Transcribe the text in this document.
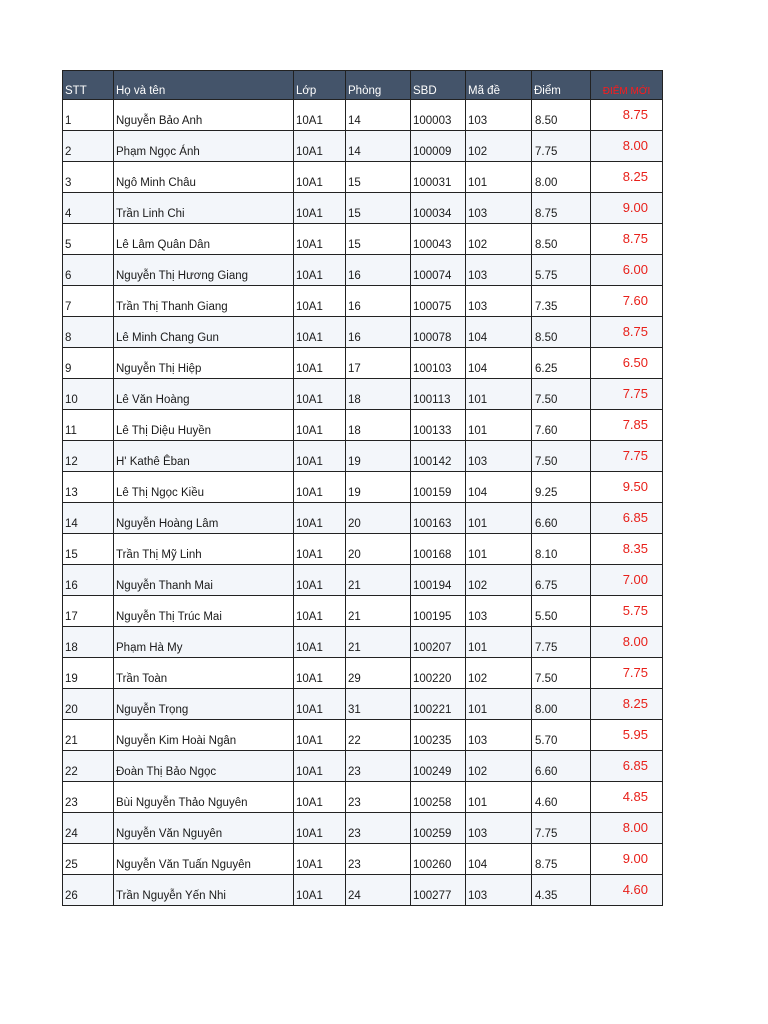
STT	Họ và tên	Lớp	Phòng	SBD	Mã đề	Điểm	ĐIỂM MỚI
1	Nguyễn Bảo Anh	10A1	14	100003	103	8.50	8.75
2	Phạm Ngọc Ánh	10A1	14	100009	102	7.75	8.00
3	Ngô Minh Châu	10A1	15	100031	101	8.00	8.25
4	Trần Linh Chi	10A1	15	100034	103	8.75	9.00
5	Lê Lâm Quân Dân	10A1	15	100043	102	8.50	8.75
6	Nguyễn Thị Hương Giang	10A1	16	100074	103	5.75	6.00
7	Trần Thị Thanh Giang	10A1	16	100075	103	7.35	7.60
8	Lê Minh Chang Gun	10A1	16	100078	104	8.50	8.75
9	Nguyễn Thị Hiệp	10A1	17	100103	104	6.25	6.50
10	Lê Văn Hoàng	10A1	18	100113	101	7.50	7.75
11	Lê Thị Diệu Huyền	10A1	18	100133	101	7.60	7.85
12	H' Kathê Êban	10A1	19	100142	103	7.50	7.75
13	Lê Thị Ngọc Kiều	10A1	19	100159	104	9.25	9.50
14	Nguyễn Hoàng Lâm	10A1	20	100163	101	6.60	6.85
15	Trần Thị Mỹ Linh	10A1	20	100168	101	8.10	8.35
16	Nguyễn Thanh Mai	10A1	21	100194	102	6.75	7.00
17	Nguyễn Thị Trúc Mai	10A1	21	100195	103	5.50	5.75
18	Phạm Hà My	10A1	21	100207	101	7.75	8.00
19	Trần Toàn	10A1	29	100220	102	7.50	7.75
20	Nguyễn Trọng	10A1	31	100221	101	8.00	8.25
21	Nguyễn Kim Hoài Ngân	10A1	22	100235	103	5.70	5.95
22	Đoàn Thị Bảo Ngọc	10A1	23	100249	102	6.60	6.85
23	Bùi Nguyễn Thảo Nguyên	10A1	23	100258	101	4.60	4.85
24	Nguyễn Văn Nguyên	10A1	23	100259	103	7.75	8.00
25	Nguyễn Văn Tuấn Nguyên	10A1	23	100260	104	8.75	9.00
26	Trần Nguyễn Yến Nhi	10A1	24	100277	103	4.35	4.60
